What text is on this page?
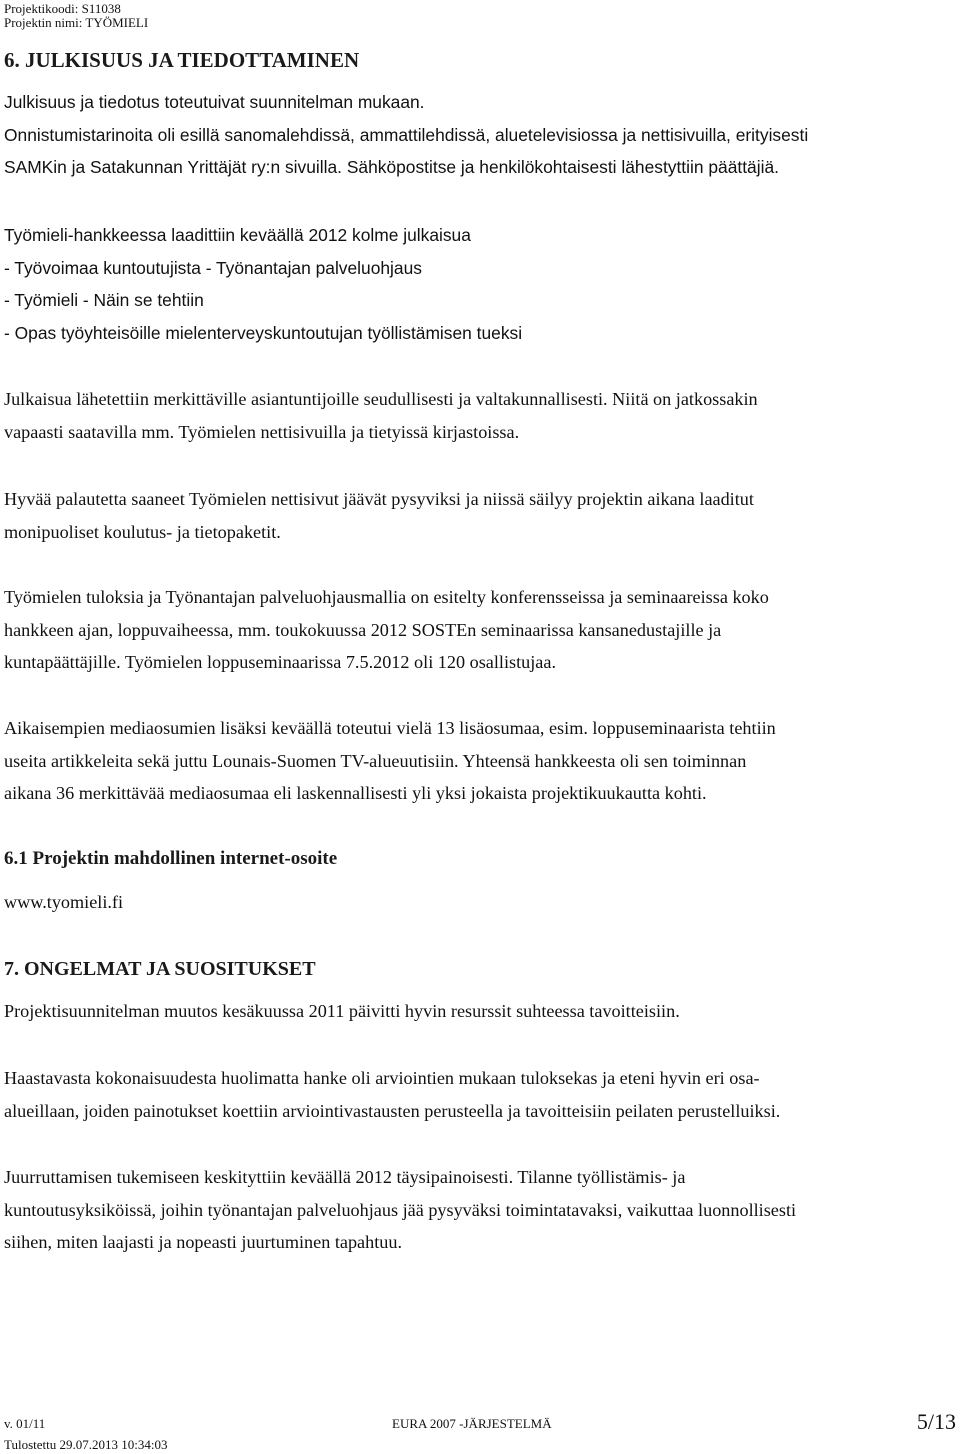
Projektikoodi: S11038
Projektin nimi: TYÖMIELI
6. JULKISUUS JA TIEDOTTAMINEN
Julkisuus ja tiedotus toteutuivat suunnitelman mukaan.
Onnistumistarinoita oli esillä sanomalehdissä, ammattilehdissä, aluetelevisiossa ja nettisivuilla, erityisesti
SAMKin ja Satakunnan Yrittäjät ry:n sivuilla. Sähköpostitse ja henkilökohtaisesti lähestyttiin päättäjiä.
Työmieli-hankkeessa laadittiin keväällä 2012 kolme julkaisua
- Työvoimaa kuntoutujista - Työnantajan palveluohjaus
- Työmieli - Näin se tehtiin
- Opas työyhteisöille mielenterveyskuntoutujan työllistämisen tueksi
Julkaisua lähetettiin merkittäville asiantuntijoille seudullisesti ja valtakunnallisesti. Niitä on jatkossakin
vapaasti saatavilla mm. Työmielen nettisivuilla ja tietyissä kirjastoissa.
Hyvää palautetta saaneet Työmielen nettisivut jäävät pysyviksi ja niissä säilyy projektin aikana laaditut
monipuoliset koulutus- ja tietopaketit.
Työmielen tuloksia ja Työnantajan palveluohjausmallia on esitelty konferensseissa ja seminaareissa koko
hankkeen ajan, loppuvaiheessa, mm. toukokuussa 2012 SOSTEn seminaarissa kansanedustajille ja
kuntapäättäjille. Työmielen loppuseminaarissa 7.5.2012 oli 120 osallistujaa.
Aikaisempien mediaosumien lisäksi keväällä toteutui vielä 13 lisäosumaa, esim. loppuseminaarista tehtiin
useita artikkeleita sekä juttu Lounais-Suomen TV-alueuutisiin. Yhteensä hankkeesta oli sen toiminnan
aikana 36 merkittävää mediaosumaa eli laskennallisesti yli yksi jokaista projektikuukautta kohti.
6.1 Projektin mahdollinen internet-osoite
www.tyomieli.fi
7. ONGELMAT JA SUOSITUKSET
Projektisuunnitelman muutos kesäkuussa 2011 päivitti hyvin resurssit suhteessa tavoitteisiin.
Haastavasta kokonaisuudesta huolimatta hanke oli arviointien mukaan tuloksekas ja eteni hyvin eri osa-
alueillaan, joiden painotukset koettiin arviointivastausten perusteella ja tavoitteisiin peilaten perustelluiksi.
Juurruttamisen tukemiseen keskityttiin keväällä 2012 täysipainoisesti. Tilanne työllistämis- ja
kuntoutusyksiköissä, joihin työnantajan palveluohjaus jää pysyväksi toimintatavaksi, vaikuttaa luonnollisesti
siihen, miten laajasti ja nopeasti juurtuminen tapahtuu.
v. 01/11	EURA 2007 -JÄRJESTELMÄ	5/13
Tulostettu 29.07.2013 10:34:03
